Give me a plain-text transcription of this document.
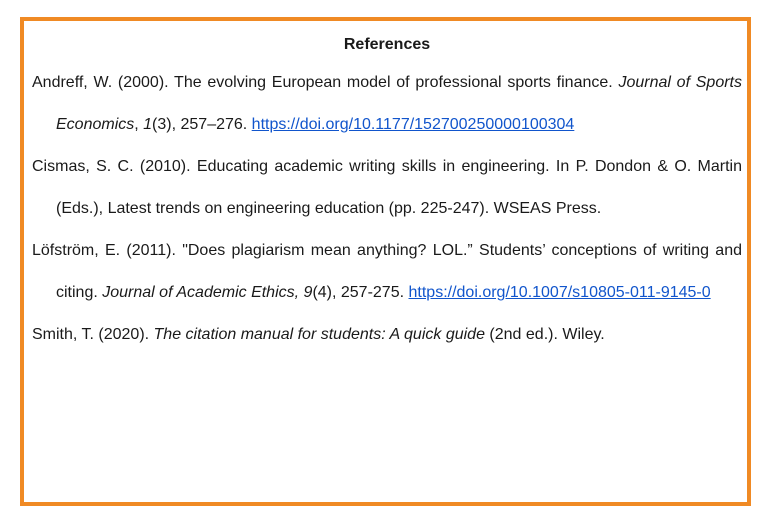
References

Andreff, W. (2000). The evolving European model of professional sports finance. Journal of Sports Economics, 1(3), 257–276. https://doi.org/10.1177/152700250000100304

Cismas, S. C. (2010). Educating academic writing skills in engineering. In P. Dondon & O. Martin (Eds.), Latest trends on engineering education (pp. 225-247). WSEAS Press.

Löfström, E. (2011). "Does plagiarism mean anything? LOL.” Students’ conceptions of writing and citing. Journal of Academic Ethics, 9(4), 257-275. https://doi.org/10.1007/s10805-011-9145-0

Smith, T. (2020). The citation manual for students: A quick guide (2nd ed.). Wiley.
